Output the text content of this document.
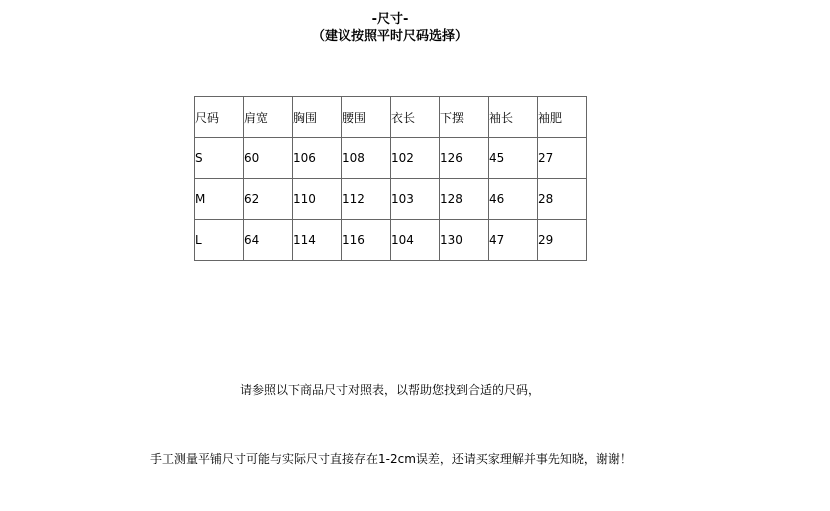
-尺寸-
（建议按照平时尺码选择）
尺码	肩宽	胸围	腰围	衣长	下摆	袖长	袖肥
S	60	106	108	102	126	45	27
M	62	110	112	103	128	46	28
L	64	114	116	104	130	47	29
请参照以下商品尺寸对照表，以帮助您找到合适的尺码，
手工测量平铺尺寸可能与实际尺寸直接存在1-2cm误差，还请买家理解并事先知晓，谢谢！
